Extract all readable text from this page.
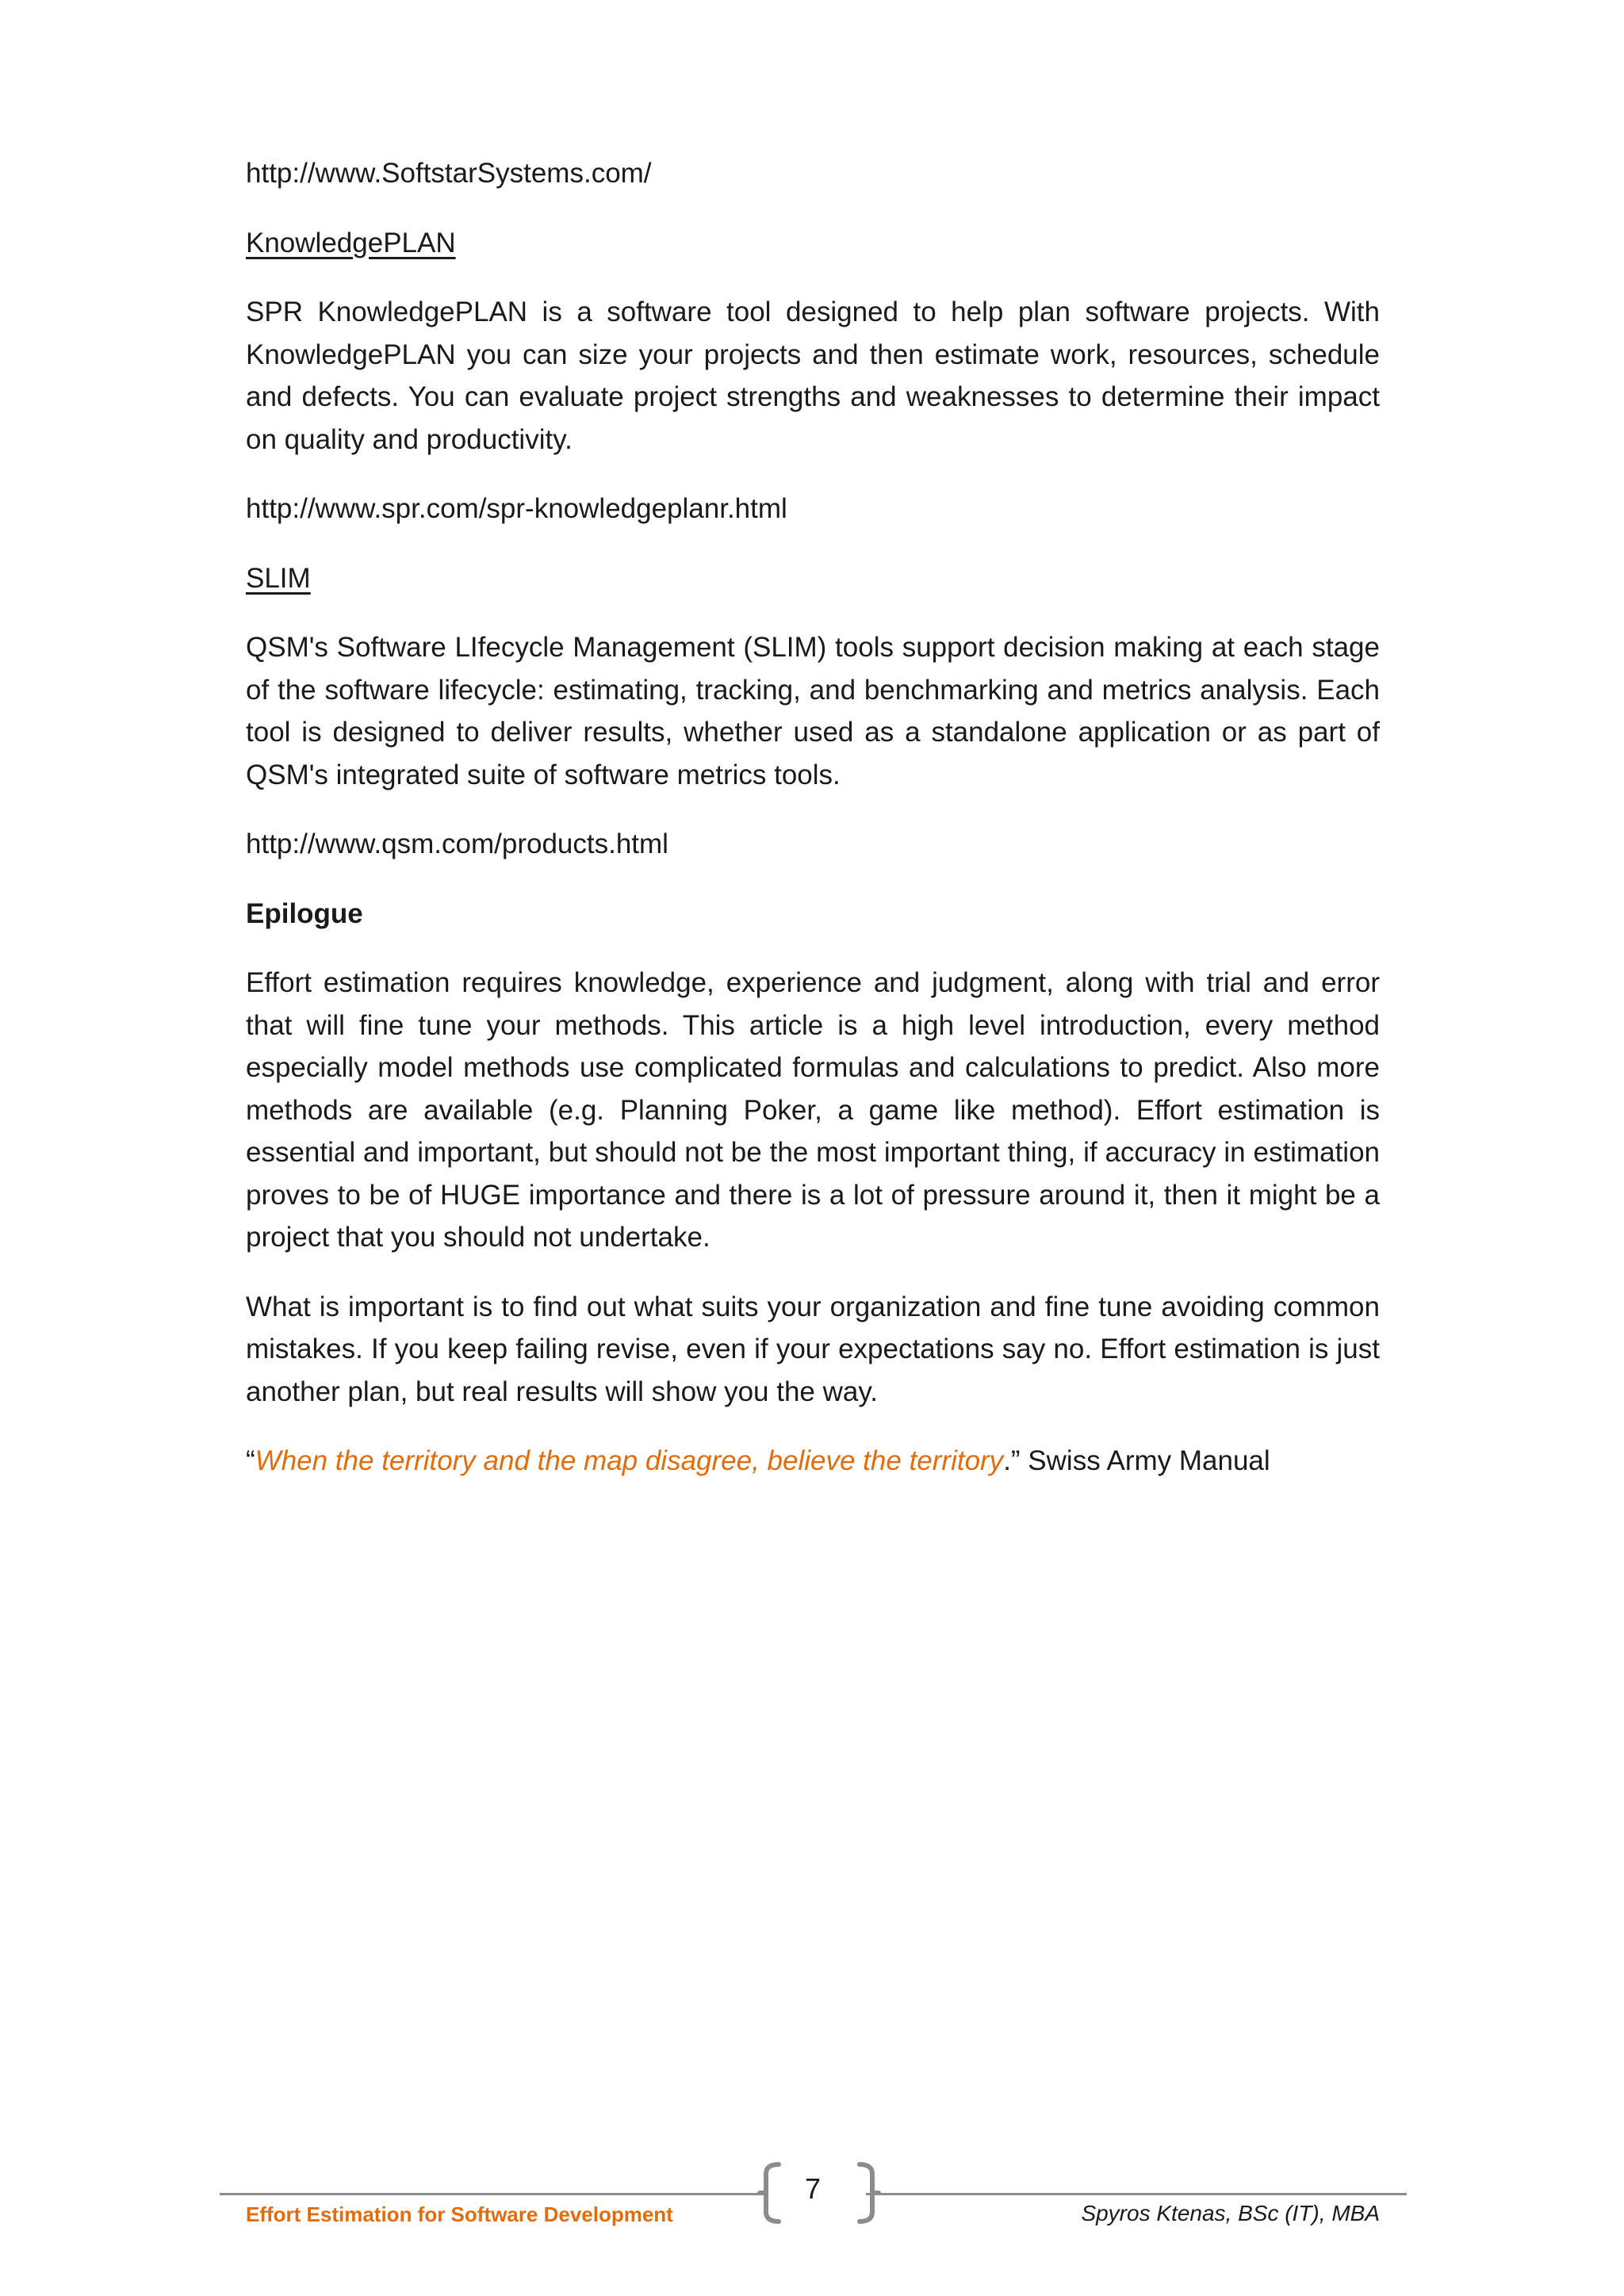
http://www.SoftstarSystems.com/

KnowledgePLAN

SPR KnowledgePLAN is a software tool designed to help plan software projects. With KnowledgePLAN you can size your projects and then estimate work, resources, schedule and defects. You can evaluate project strengths and weaknesses to determine their impact on quality and productivity.

http://www.spr.com/spr-knowledgeplanr.html

SLIM

QSM's Software LIfecycle Management (SLIM) tools support decision making at each stage of the software lifecycle: estimating, tracking, and benchmarking and metrics analysis. Each tool is designed to deliver results, whether used as a standalone application or as part of QSM's integrated suite of software metrics tools.

http://www.qsm.com/products.html

Epilogue

Effort estimation requires knowledge, experience and judgment, along with trial and error that will fine tune your methods. This article is a high level introduction, every method especially model methods use complicated formulas and calculations to predict. Also more methods are available (e.g. Planning Poker, a game like method). Effort estimation is essential and important, but should not be the most important thing, if accuracy in estimation proves to be of HUGE importance and there is a lot of pressure around it, then it might be a project that you should not undertake.

What is important is to find out what suits your organization and fine tune avoiding common mistakes. If you keep failing revise, even if your expectations say no. Effort estimation is just another plan, but real results will show you the way.

“When the territory and the map disagree, believe the territory.” Swiss Army Manual

7
Effort Estimation for Software Development	Spyros Ktenas, BSc (IT), MBA
